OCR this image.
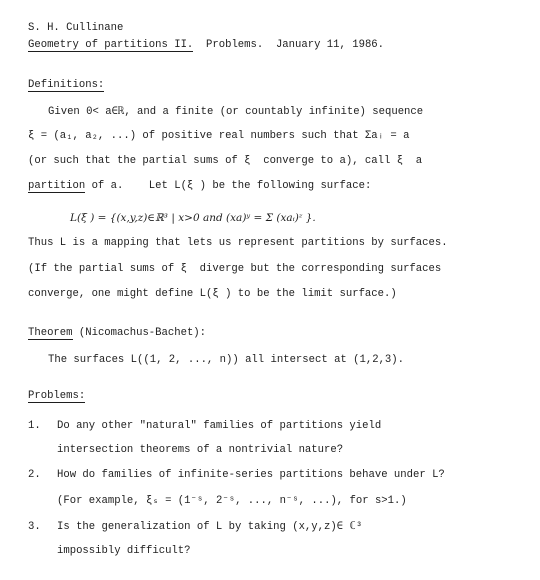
S. H. Cullinane
Geometry of partitions II. Problems. January 11, 1986.
Definitions:
Given 0< a∈ℝ, and a finite (or countably infinite) sequence
ξ = (a₁, a₂, ...) of positive real numbers such that Σaᵢ = a
(or such that the partial sums of ξ  converge to a), call ξ  a
partition of a.    Let L(ξ ) be the following surface:
L(ξ ) = {(x,y,z)∈ℝ³ | x>0 and (xa)ʸ = Σ (xaᵢ)ᶻ }.
Thus L is a mapping that lets us represent partitions by surfaces.
(If the partial sums of ξ  diverge but the corresponding surfaces
converge, one might define L(ξ ) to be the limit surface.)
Theorem (Nicomachus-Bachet):
The surfaces L((1, 2, ..., n)) all intersect at (1,2,3).
Problems:
1. Do any other "natural" families of partitions yield
intersection theorems of a nontrivial nature?
2. How do families of infinite-series partitions behave under L?
(For example, ξₛ = (1⁻ˢ, 2⁻ˢ, ..., n⁻ˢ, ...), for s>1.)
3. Is the generalization of L by taking (x,y,z)∈ ℂ³
impossibly difficult?
